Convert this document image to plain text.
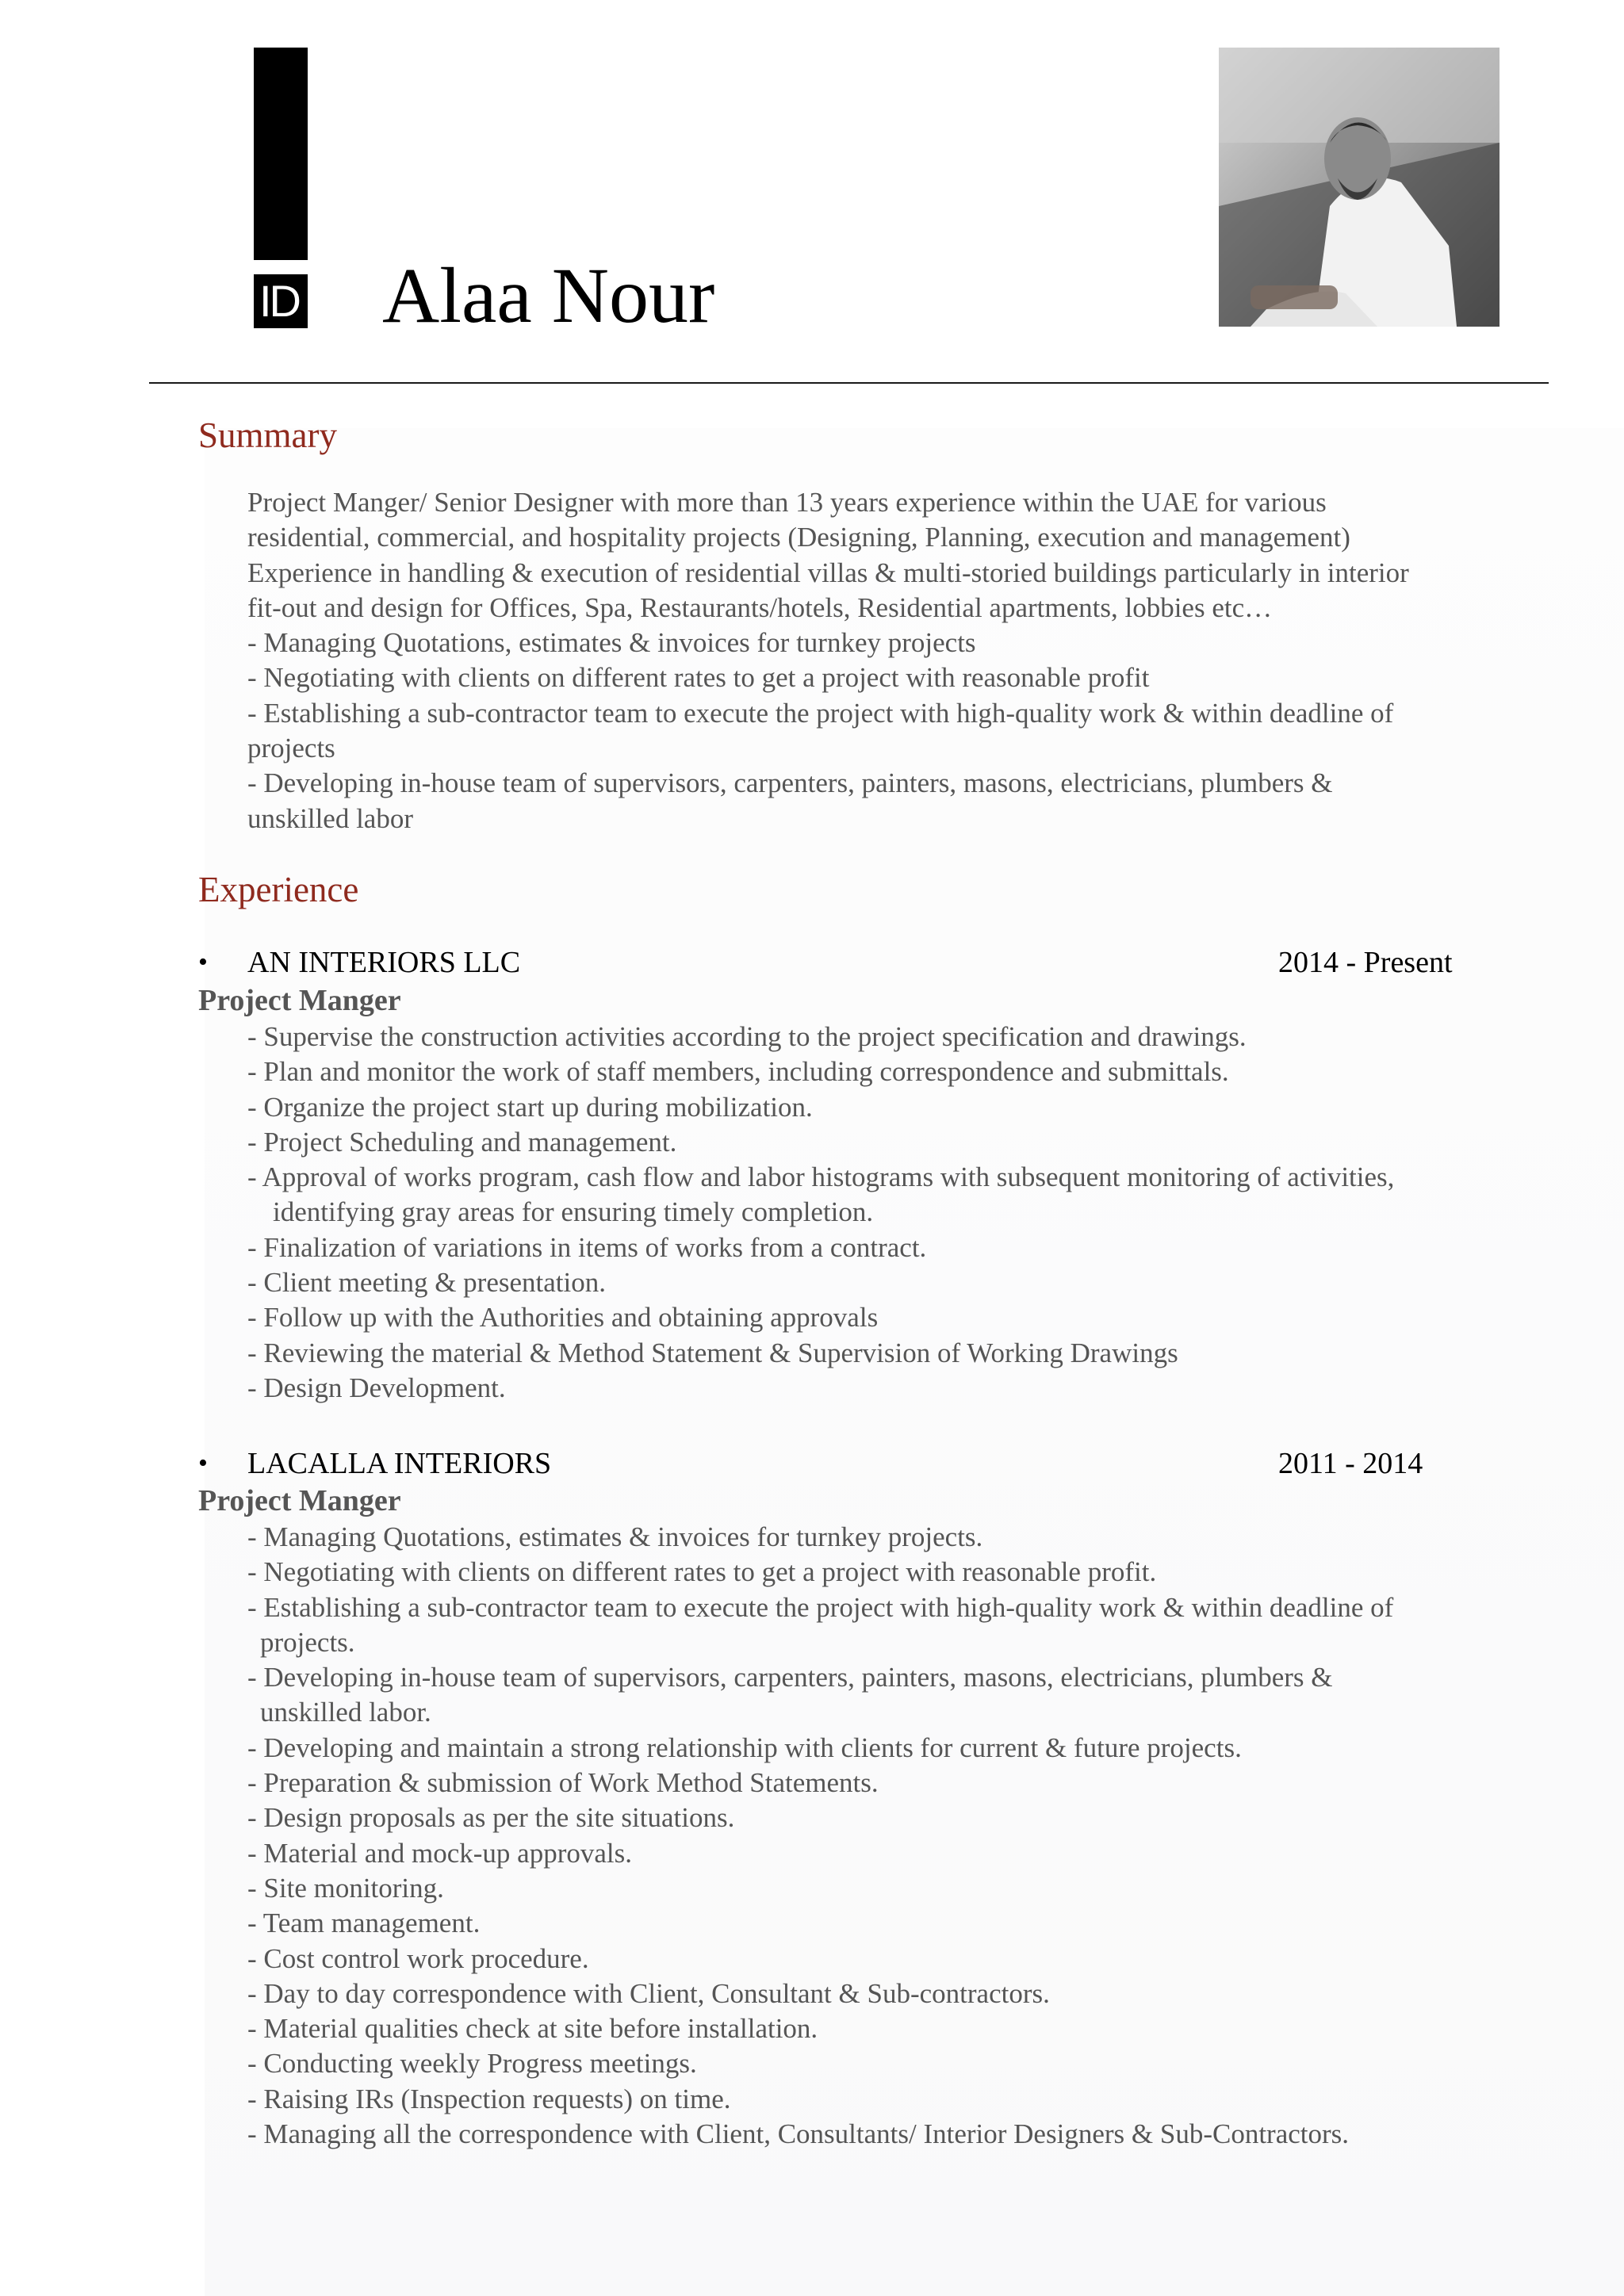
ID Alaa Nour
Summary
Project Manger/ Senior Designer with more than 13 years experience within the UAE for various
residential, commercial, and hospitality projects (Designing, Planning, execution and management)
Experience in handling & execution of residential villas & multi-storied buildings particularly in interior
fit-out and design for Offices, Spa, Restaurants/hotels, Residential apartments, lobbies etc…
- Managing Quotations, estimates & invoices for turnkey projects
- Negotiating with clients on different rates to get a project with reasonable profit
- Establishing a sub-contractor team to execute the project with high-quality work & within deadline of
projects
- Developing in-house team of supervisors, carpenters, painters, masons, electricians, plumbers &
unskilled labor
Experience
• AN INTERIORS LLC	2014 - Present
Project Manger
- Supervise the construction activities according to the project specification and drawings.
- Plan and monitor the work of staff members, including correspondence and submittals.
- Organize the project start up during mobilization.
- Project Scheduling and management.
- Approval of works program, cash flow and labor histograms with subsequent monitoring of activities,
identifying gray areas for ensuring timely completion.
- Finalization of variations in items of works from a contract.
- Client meeting & presentation.
- Follow up with the Authorities and obtaining approvals
- Reviewing the material & Method Statement & Supervision of Working Drawings
- Design Development.
• LACALLA INTERIORS	2011 - 2014
Project Manger
- Managing Quotations, estimates & invoices for turnkey projects.
- Negotiating with clients on different rates to get a project with reasonable profit.
- Establishing a sub-contractor team to execute the project with high-quality work & within deadline of
projects.
- Developing in-house team of supervisors, carpenters, painters, masons, electricians, plumbers &
unskilled labor.
- Developing and maintain a strong relationship with clients for current & future projects.
- Preparation & submission of Work Method Statements.
- Design proposals as per the site situations.
- Material and mock-up approvals.
- Site monitoring.
- Team management.
- Cost control work procedure.
- Day to day correspondence with Client, Consultant & Sub-contractors.
- Material qualities check at site before installation.
- Conducting weekly Progress meetings.
- Raising IRs (Inspection requests) on time.
- Managing all the correspondence with Client, Consultants/ Interior Designers & Sub-Contractors.
